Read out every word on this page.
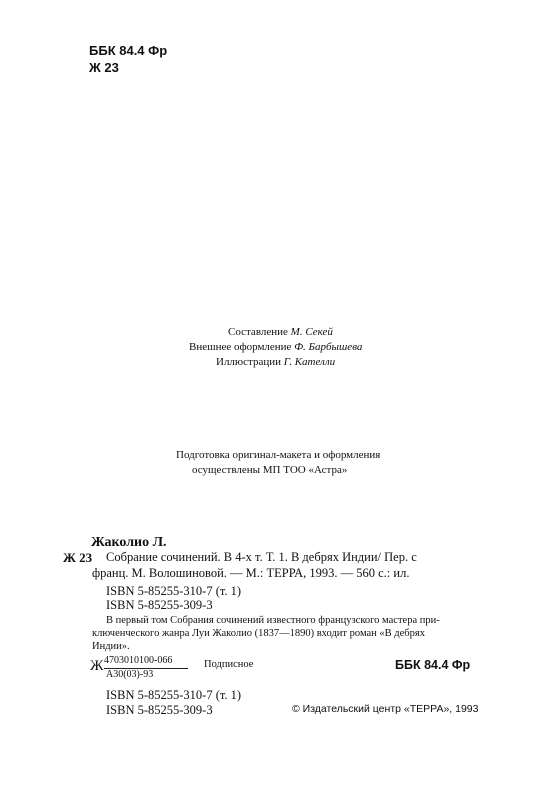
ББК 84.4 Фр
Ж 23
Составление М. Секей
Внешнее оформление Ф. Барбышева
Иллюстрации Г. Кателли
Подготовка оригинал-макета и оформления
осуществлены МП ТОО «Астра»
Жаколио Л.
Ж 23 Собрание сочинений. В 4-х т. Т. 1. В дебрях Индии/ Пер. с
франц. М. Волошиновой. — М.: ТЕРРА, 1993. — 560 с.: ил.
ISBN 5-85255-310-7 (т. 1)
ISBN 5-85255-309-3
В первый том Собрания сочинений известного французского мастера при-
ключенческого жанра Луи Жаколио (1837—1890) входит роман «В дебрях
Индии».
Ж 4703010100-066
А30(03)-93
Подписное	ББК 84.4 Фр
ISBN 5-85255-310-7 (т. 1)
ISBN 5-85255-309-3	© Издательский центр «ТЕРРА», 1993
